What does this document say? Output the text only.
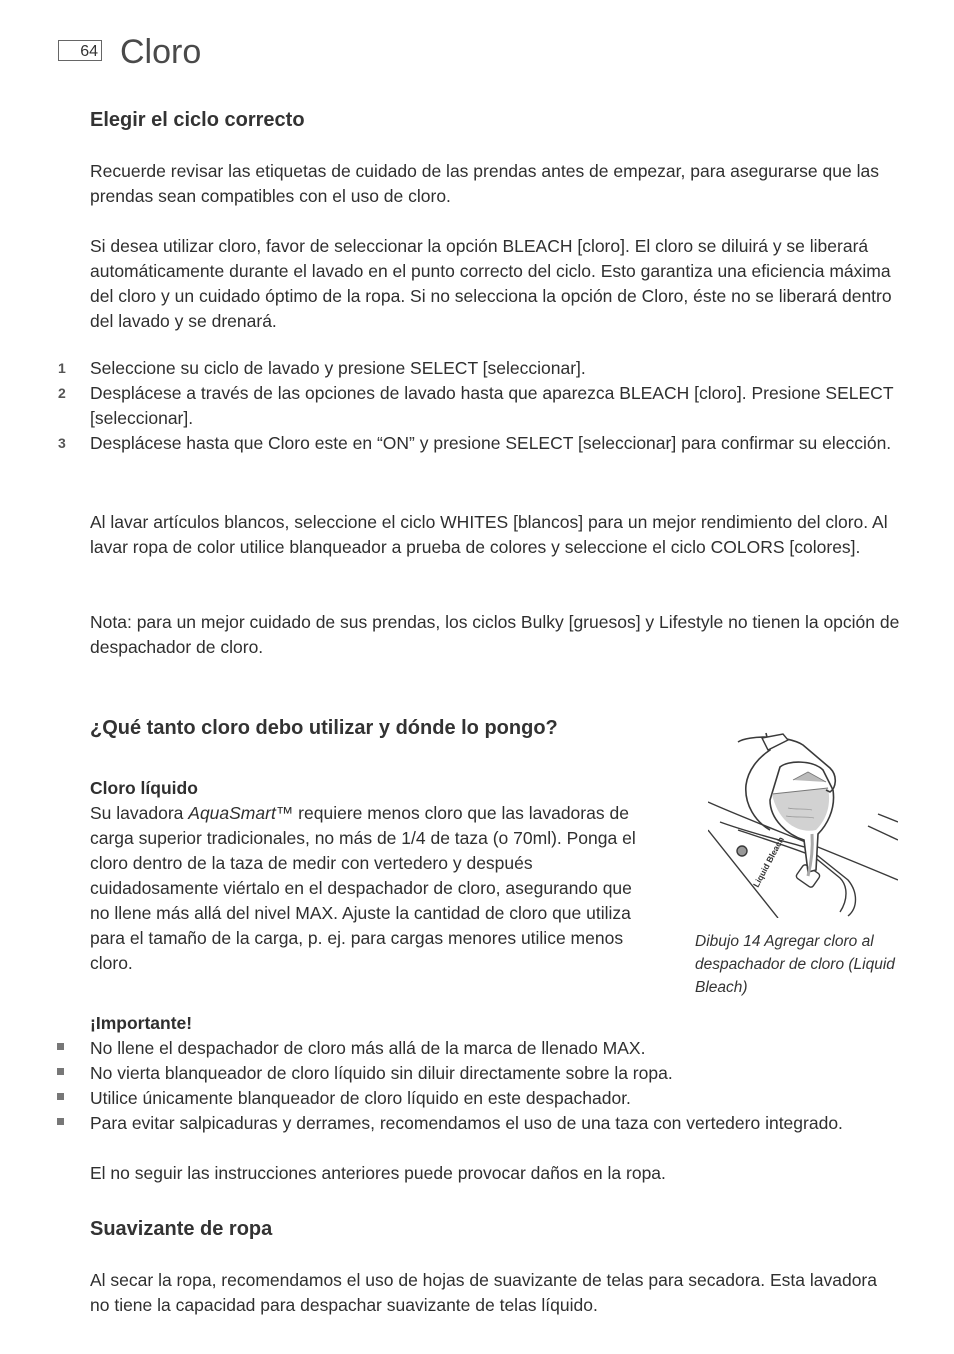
64 Cloro
Elegir el ciclo correcto

Recuerde revisar las etiquetas de cuidado de las prendas antes de empezar, para asegurarse que las prendas sean compatibles con el uso de cloro.

Si desea utilizar cloro, favor de seleccionar la opción BLEACH [cloro]. El cloro se diluirá y se liberará automáticamente durante el lavado en el punto correcto del ciclo. Esto garantiza una eficiencia máxima del cloro y un cuidado óptimo de la ropa. Si no selecciona la opción de Cloro, éste no se liberará dentro del lavado y se drenará.

1 Seleccione su ciclo de lavado y presione SELECT [seleccionar].
2 Desplácese a través de las opciones de lavado hasta que aparezca BLEACH [cloro]. Presione SELECT [seleccionar].
3 Desplácese hasta que Cloro este en “ON” y presione SELECT [seleccionar] para confirmar su elección.

Al lavar artículos blancos, seleccione el ciclo WHITES [blancos] para un mejor rendimiento del cloro. Al lavar ropa de color utilice blanqueador a prueba de colores y seleccione el ciclo COLORS [colores].

Nota: para un mejor cuidado de sus prendas, los ciclos Bulky [gruesos] y Lifestyle no tienen la opción de despachador de cloro.

¿Qué tanto cloro debo utilizar y dónde lo pongo?
Cloro líquido

Su lavadora AquaSmart™ requiere menos cloro que las lavadoras de carga superior tradicionales, no más de 1/4 de taza (o 70ml). Ponga el cloro dentro de la taza de medir con vertedero y después cuidadosamente viértalo en el despachador de cloro, asegurando que no llene más allá del nivel MAX. Ajuste la cantidad de cloro que utiliza para el tamaño de la carga, p. ej. para cargas menores utilice menos cloro.

Liquid Bleach

Dibujo 14 Agregar cloro al despachador de cloro (Liquid Bleach)

¡Importante!
No llene el despachador de cloro más allá de la marca de llenado MAX.
No vierta blanqueador de cloro líquido sin diluir directamente sobre la ropa.
Utilice únicamente blanqueador de cloro líquido en este despachador.
Para evitar salpicaduras y derrames, recomendamos el uso de una taza con vertedero integrado.

El no seguir las instrucciones anteriores puede provocar daños en la ropa.

Suavizante de ropa

Al secar la ropa, recomendamos el uso de hojas de suavizante de telas para secadora. Esta lavadora no tiene la capacidad para despachar suavizante de telas líquido.
